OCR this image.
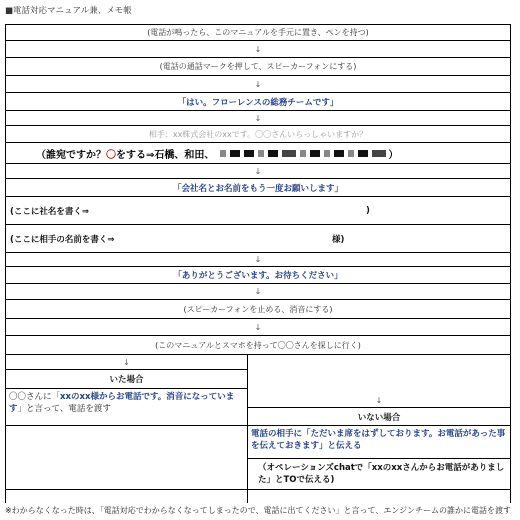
■電話対応マニュアル兼、メモ帳
(電話が鳴ったら、このマニュアルを手元に置き、ペンを持つ)
↓
(電話の通話マークを押して、スピーカーフォンにする)
↓
「はい。フローレンスの総務チームです」
↓
相手：xx株式会社のxxです。〇〇さんいらっしゃいますか？
（誰宛ですか？ 〇 をする⇒石橋、和田、	）
↓
「会社名とお名前をもう一度お願いします」
(ここに社名を書く⇒	)
(ここに相手の名前を書く⇒	様)
↓
「ありがとうございます。お待ちください」
↓
(スピーカーフォンを止める、消音にする)
↓
(このマニュアルとスマホを持って〇〇さんを探しに行く)
↓
いた場合
〇〇さんに「xxのxx様からお電話です。消音になっています」と言って、電話を渡す
↓
いない場合
電話の相手に「ただいま席をはずしております。お電話があった事を伝えておきます」と伝える
（オペレーションズchatで「xxのxxさんからお電話がありました」とTOで伝える)
※わからなくなった時は、「電話対応でわからなくなってしまったので、電話に出てください」と言って、エンジンチームの誰かに電話を渡す
